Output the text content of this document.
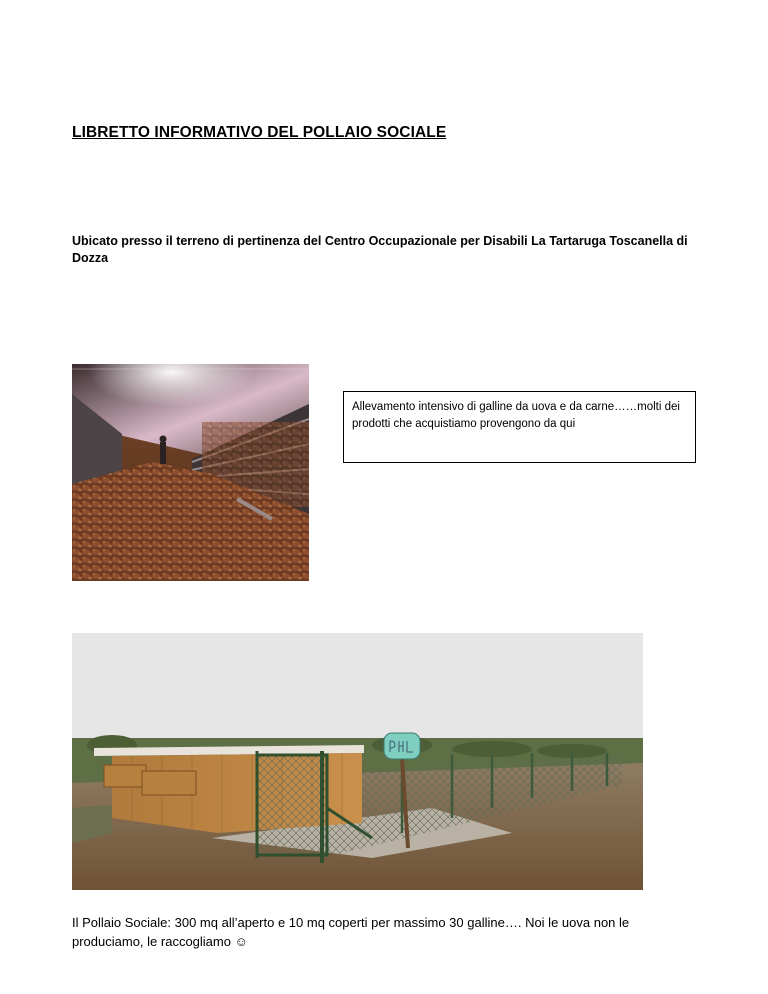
LIBRETTO INFORMATIVO DEL POLLAIO SOCIALE
Ubicato presso il terreno di pertinenza del Centro Occupazionale per Disabili La Tartaruga Toscanella di Dozza
Allevamento intensivo di galline da uova e da carne……molti dei prodotti che acquistiamo provengono da qui
Il Pollaio Sociale: 300 mq all’aperto e 10 mq coperti per massimo 30 galline…. Noi le uova non le produciamo, le raccogliamo ☺
